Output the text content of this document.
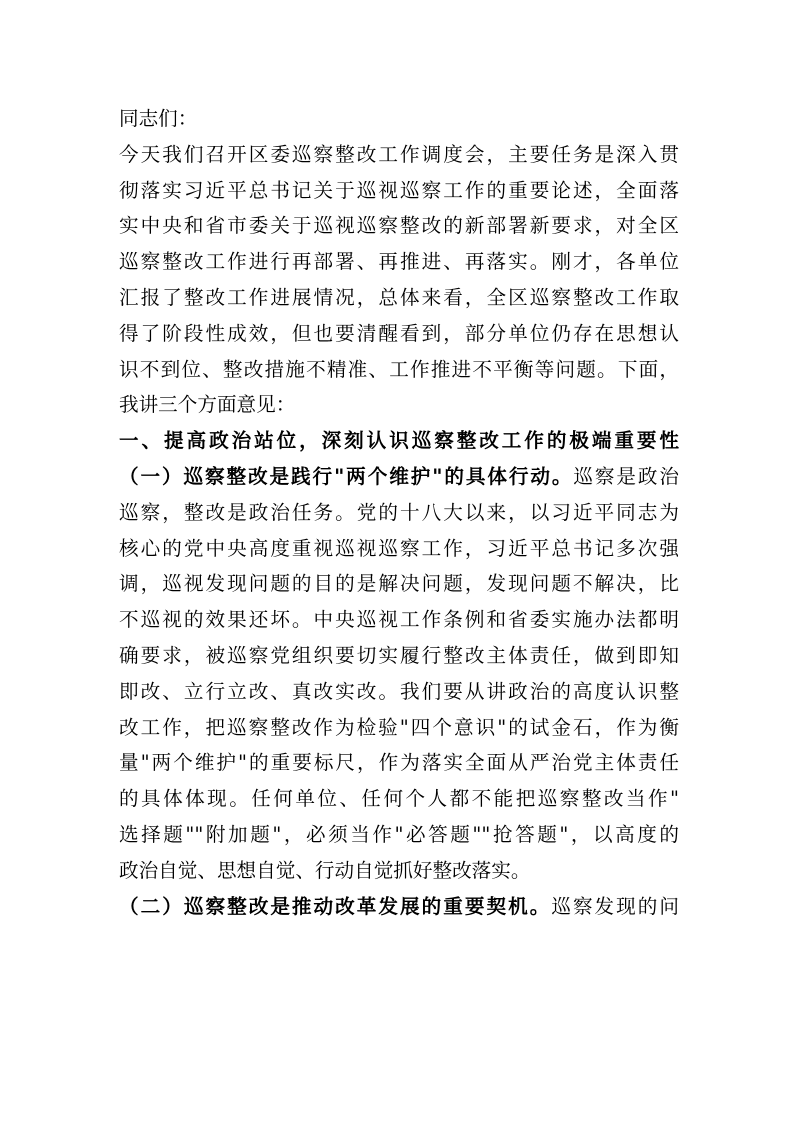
同志们：
今天我们召开区委巡察整改工作调度会，主要任务是深入贯
彻落实习近平总书记关于巡视巡察工作的重要论述，全面落
实中央和省市委关于巡视巡察整改的新部署新要求，对全区
巡察整改工作进行再部署、再推进、再落实。刚才，各单位
汇报了整改工作进展情况，总体来看，全区巡察整改工作取
得了阶段性成效，但也要清醒看到，部分单位仍存在思想认
识不到位、整改措施不精准、工作推进不平衡等问题。下面，
我讲三个方面意见：
一、提高政治站位，深刻认识巡察整改工作的极端重要性
（一）巡察整改是践行"两个维护"的具体行动。巡察是政治
巡察，整改是政治任务。党的十八大以来，以习近平同志为
核心的党中央高度重视巡视巡察工作，习近平总书记多次强
调，巡视发现问题的目的是解决问题，发现问题不解决，比
不巡视的效果还坏。中央巡视工作条例和省委实施办法都明
确要求，被巡察党组织要切实履行整改主体责任，做到即知
即改、立行立改、真改实改。我们要从讲政治的高度认识整
改工作，把巡察整改作为检验"四个意识"的试金石，作为衡
量"两个维护"的重要标尺，作为落实全面从严治党主体责任
的具体体现。任何单位、任何个人都不能把巡察整改当作"
选择题""附加题"，必须当作"必答题""抢答题"，以高度的
政治自觉、思想自觉、行动自觉抓好整改落实。
（二）巡察整改是推动改革发展的重要契机。巡察发现的问
